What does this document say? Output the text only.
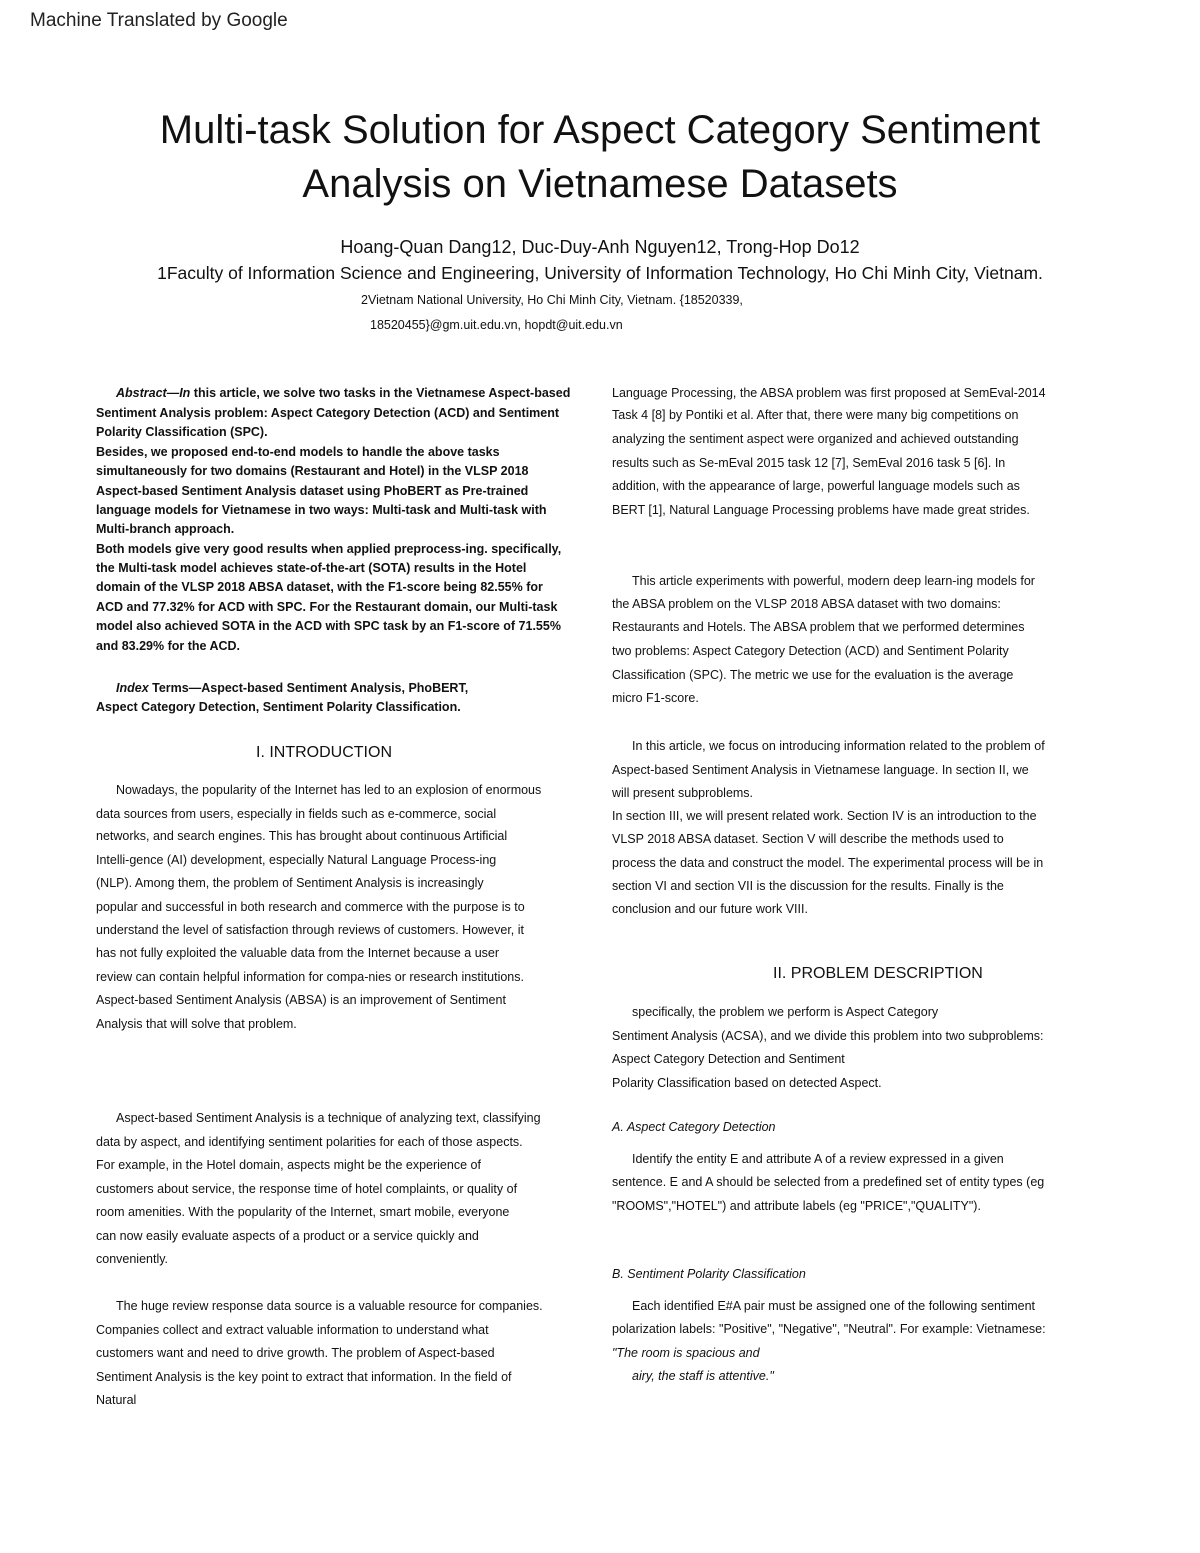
Machine Translated by Google
Multi-task Solution for Aspect Category Sentiment
Analysis on Vietnamese Datasets
Hoang-Quan Dang12, Duc-Duy-Anh Nguyen12, Trong-Hop Do12
1Faculty of Information Science and Engineering, University of Information Technology, Ho Chi Minh City, Vietnam.
2Vietnam National University, Ho Chi Minh City, Vietnam. {18520339,
18520455}@gm.uit.edu.vn, hopdt@uit.edu.vn
Abstract—In this article, we solve two tasks in the Vietnamese Aspect-based
Sentiment Analysis problem: Aspect Category Detection (ACD) and Sentiment
Polarity Classification (SPC).
Besides, we proposed end-to-end models to handle the above tasks
simultaneously for two domains (Restaurant and Hotel) in the VLSP 2018
Aspect-based Sentiment Analysis dataset using PhoBERT as Pre-trained
language models for Vietnamese in two ways: Multi-task and Multi-task with
Multi-branch approach.
Both models give very good results when applied preprocess-ing. specifically,
the Multi-task model achieves state-of-the-art (SOTA) results in the Hotel
domain of the VLSP 2018 ABSA dataset, with the F1-score being 82.55% for
ACD and 77.32% for ACD with SPC. For the Restaurant domain, our Multi-task
model also achieved SOTA in the ACD with SPC task by an F1-score of 71.55%
and 83.29% for the ACD.
Index Terms—Aspect-based Sentiment Analysis, PhoBERT,
Aspect Category Detection, Sentiment Polarity Classification.
I. INTRODUCTION
Nowadays, the popularity of the Internet has led to an explosion of enormous
data sources from users, especially in fields such as e-commerce, social
networks, and search engines. This has brought about continuous Artificial
Intelli-gence (AI) development, especially Natural Language Process-ing
(NLP). Among them, the problem of Sentiment Analysis is increasingly
popular and successful in both research and commerce with the purpose is to
understand the level of satisfaction through reviews of customers. However, it
has not fully exploited the valuable data from the Internet because a user
review can contain helpful information for compa-nies or research institutions.
Aspect-based Sentiment Analysis (ABSA) is an improvement of Sentiment
Analysis that will solve that problem.
Aspect-based Sentiment Analysis is a technique of analyzing text, classifying
data by aspect, and identifying sentiment polarities for each of those aspects.
For example, in the Hotel domain, aspects might be the experience of
customers about service, the response time of hotel complaints, or quality of
room amenities. With the popularity of the Internet, smart mobile, everyone
can now easily evaluate aspects of a product or a service quickly and
conveniently.
The huge review response data source is a valuable resource for companies.
Companies collect and extract valuable information to understand what
customers want and need to drive growth. The problem of Aspect-based
Sentiment Analysis is the key point to extract that information. In the field of
Natural
Language Processing, the ABSA problem was first proposed at SemEval-2014
Task 4 [8] by Pontiki et al. After that, there were many big competitions on
analyzing the sentiment aspect were organized and achieved outstanding
results such as Se-mEval 2015 task 12 [7], SemEval 2016 task 5 [6]. In
addition, with the appearance of large, powerful language models such as
BERT [1], Natural Language Processing problems have made great strides.
This article experiments with powerful, modern deep learn-ing models for
the ABSA problem on the VLSP 2018 ABSA dataset with two domains:
Restaurants and Hotels. The ABSA problem that we performed determines
two problems: Aspect Category Detection (ACD) and Sentiment Polarity
Classification (SPC). The metric we use for the evaluation is the average
micro F1-score.
In this article, we focus on introducing information related to the problem of
Aspect-based Sentiment Analysis in Vietnamese language. In section II, we
will present subproblems.
In section III, we will present related work. Section IV is an introduction to the
VLSP 2018 ABSA dataset. Section V will describe the methods used to
process the data and construct the model. The experimental process will be in
section VI and section VII is the discussion for the results. Finally is the
conclusion and our future work VIII.
II. PROBLEM DESCRIPTION
specifically, the problem we perform is Aspect Category
Sentiment Analysis (ACSA), and we divide this problem into two subproblems:
Aspect Category Detection and Sentiment
Polarity Classification based on detected Aspect.
A. Aspect Category Detection
Identify the entity E and attribute A of a review expressed in a given
sentence. E and A should be selected from a predefined set of entity types (eg
"ROOMS","HOTEL") and attribute labels (eg "PRICE","QUALITY").
B. Sentiment Polarity Classification
Each identified E#A pair must be assigned one of the following sentiment
polarization labels: "Positive", "Negative", "Neutral". For example: Vietnamese:
"The room is spacious and
airy, the staff is attentive."
